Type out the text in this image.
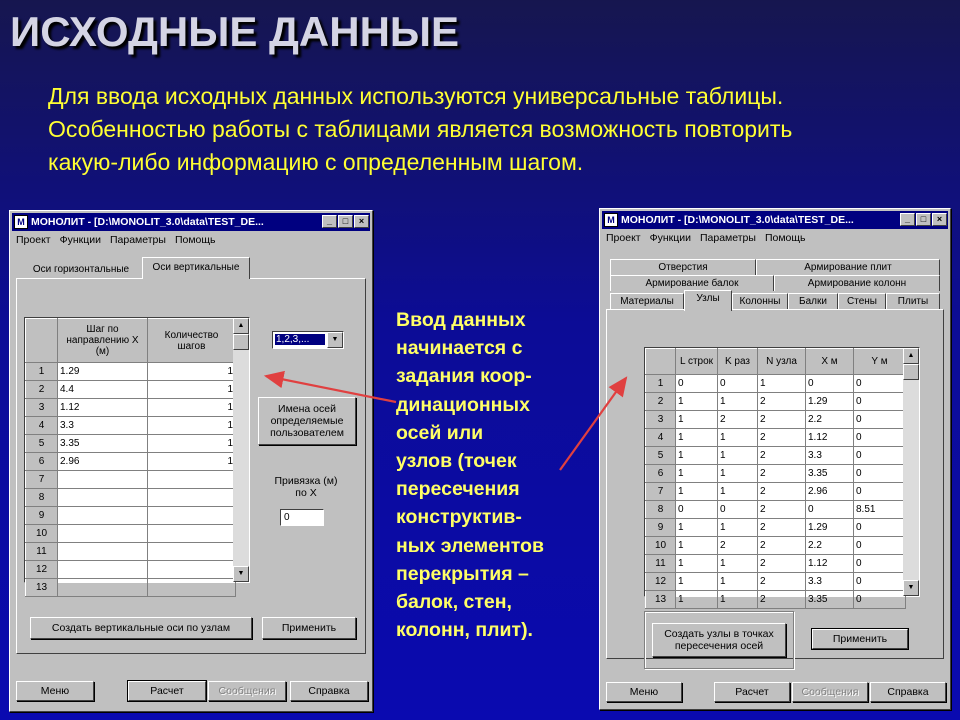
ИСХОДНЫЕ ДАННЫЕ
Для ввода исходных данных используются универсальные таблицы.
Особенностью работы с таблицами является возможность повторить
какую-либо информацию с определенным шагом.
M МОНОЛИТ - [D:\MONOLIT_3.0\data\TEST_DE...	_	□	×
Проект Функции Параметры Помощь
Оси горизонтальные	Оси вертикальные
	Шаг по направлению X (м)	Количество шагов
1	1.29	1
2	4.4	1
3	1.12	1
4	3.3	1
5	3.35	1
6	2.96	1
7		
8		
9		
10		
11		
12		
13		
▲
▼
1,2,3,...	▼
Имена осей определяемые пользователем
Привязка (м) по X
0
Создать вертикальные оси по узлам	Применить
Меню	Расчет	Сообщения	Справка
Ввод данных
начинается с
задания коор-
динационных
осей или
узлов (точек
пересечения
конструктив-
ных элементов
перекрытия –
балок, стен,
колонн, плит).
M МОНОЛИТ - [D:\MONOLIT_3.0\data\TEST_DE...	_	□	×
Проект Функции Параметры Помощь
Отверстия	Армирование плит
Армирование балок	Армирование колонн
Материалы	Узлы	Колонны	Балки	Стены	Плиты
	L строк	K раз	N узла	X м	Y м
1	0	0	1	0	0
2	1	1	2	1.29	0
3	1	2	2	2.2	0
4	1	1	2	1.12	0
5	1	1	2	3.3	0
6	1	1	2	3.35	0
7	1	1	2	2.96	0
8	0	0	2	0	8.51
9	1	1	2	1.29	0
10	1	2	2	2.2	0
11	1	1	2	1.12	0
12	1	1	2	3.3	0
13	1	1	2	3.35	0
▲
▼
Создать узлы в точках пересечения осей
Применить
Меню	Расчет	Сообщения	Справка
